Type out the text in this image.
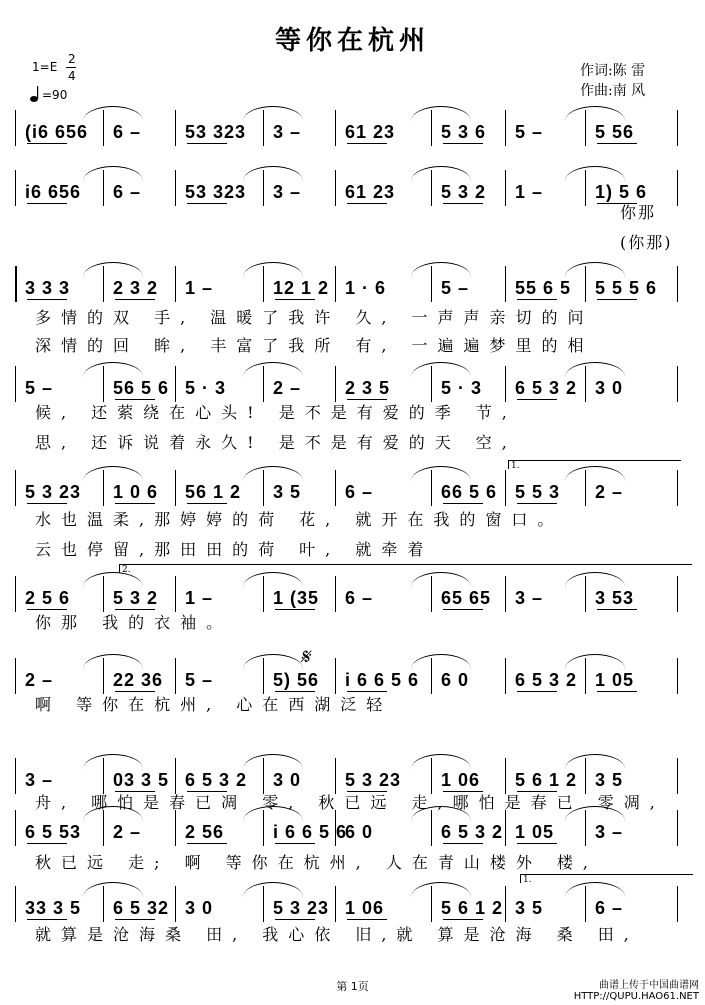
等你在杭州
1=E
2
4
=90
作词:陈 雷
作曲:南 风
𝄋
(i6 656 6 – 53 323 3 – 61 23	5 3 6 5 –	5 56
i6 656 6 – 53 323 3 – 61 23	5 3 2 1 –	1) 5 6
3 3 3 2 3 2 1 –	12 1 2 1 · 6	5 –	55 6 5 5 5 5 6
5 –	56 5 6 5 · 3	2 – 2 3 5	5 · 3 6 5 3 2 3 0
5 3 23 1 0 6 56 1 2 3 5 6 –	66 5 6 5 5 3 2 –
2 5 6 5 3 2 1 –	1 (35 6 –	65 65 3 –	3 53
2.
2 –	22 36 5 –	5) 56 i 6 6 5 6 6 0	6 5 3 2 1 05
3 –	03 3 5 6 5 3 2 3 0 5 3 23 1 06 5 6 1 2 3 5
6 5 53 2 – 2 56	i 6 6 5 6
6 0	6 5 3 2 1 05 3 –
33 3 5 6 5 32 3 0	5 3 23 1 06	5 6 1 2 3 5	6 –
1.
第 1页	曲谱上传于中国曲谱网
HTTP://QUPU.HAO61.NET
你那
(你那)
多情的双 手, 温暖了我许 久, 一声声亲切的问
深情的回 眸, 丰富了我所 有, 一遍遍梦里的相
候, 还萦绕在心头! 是不是有爱的季 节,
思, 还诉说着永久! 是不是有爱的天 空,
水也温柔,那婷婷的荷 花, 就开在我的窗口。
云也停留,那田田的荷 叶, 就牵着
你那 我的衣袖。
啊 等你在杭州, 心在西湖泛轻
舟, 哪怕是春已凋 零, 秋已远 走,哪怕是春已 零凋,
秋已远 走; 啊 等你在杭州, 人在青山楼外 楼,
就算是沧海桑 田, 我心依 旧,就 算是沧海 桑 田,
1.
